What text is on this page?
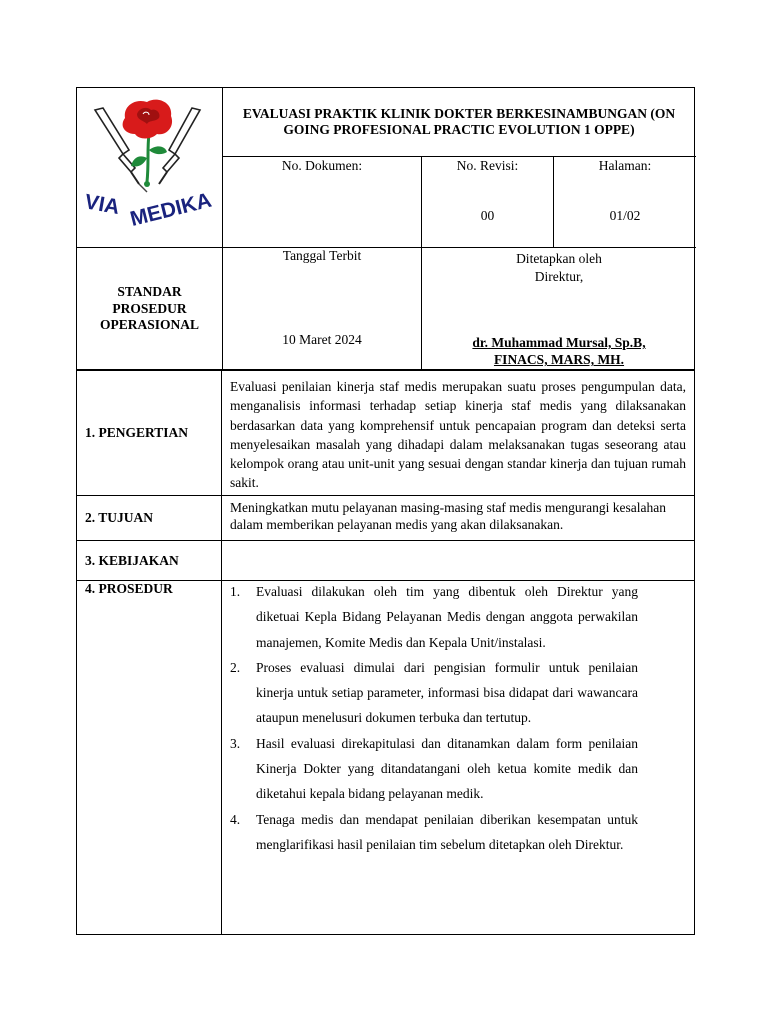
VIA MEDIKA
EVALUASI PRAKTIK KLINIK DOKTER BERKESINAMBUNGAN (ON GOING PROFESIONAL PRACTIC EVOLUTION 1 OPPE)
No. Dokumen:	No. Revisi:
00
Halaman:
01/02
STANDAR PROSEDUR OPERASIONAL
Tanggal Terbit
10 Maret 2024
Ditetapkan oleh
Direktur,
dr. Muhammad Mursal, Sp.B,
FINACS, MARS, MH.
1. PENGERTIAN
Evaluasi penilaian kinerja staf medis merupakan suatu proses pengumpulan data, menganalisis informasi terhadap setiap kinerja staf medis yang dilaksanakan berdasarkan data yang komprehensif untuk pencapaian program dan deteksi serta menyelesaikan masalah yang dihadapi dalam melaksanakan tugas seseorang atau kelompok orang atau unit-unit yang sesuai dengan standar kinerja dan tujuan rumah sakit.
2. TUJUAN
Meningkatkan mutu pelayanan masing-masing staf medis mengurangi kesalahan dalam memberikan pelayanan medis yang akan dilaksanakan.
3. KEBIJAKAN
4. PROSEDUR	1. Evaluasi dilakukan oleh tim yang dibentuk oleh Direktur yang diketuai Kepla Bidang Pelayanan Medis dengan anggota perwakilan manajemen, Komite Medis dan Kepala Unit/instalasi.
2. Proses evaluasi dimulai dari pengisian formulir untuk penilaian kinerja untuk setiap parameter, informasi bisa didapat dari wawancara ataupun menelusuri dokumen terbuka dan tertutup.
3. Hasil evaluasi direkapitulasi dan ditanamkan dalam form penilaian Kinerja Dokter yang ditandatangani oleh ketua komite medik dan diketahui kepala bidang pelayanan medik.
4. Tenaga medis dan mendapat penilaian diberikan kesempatan untuk menglarifikasi hasil penilaian tim sebelum ditetapkan oleh Direktur.
